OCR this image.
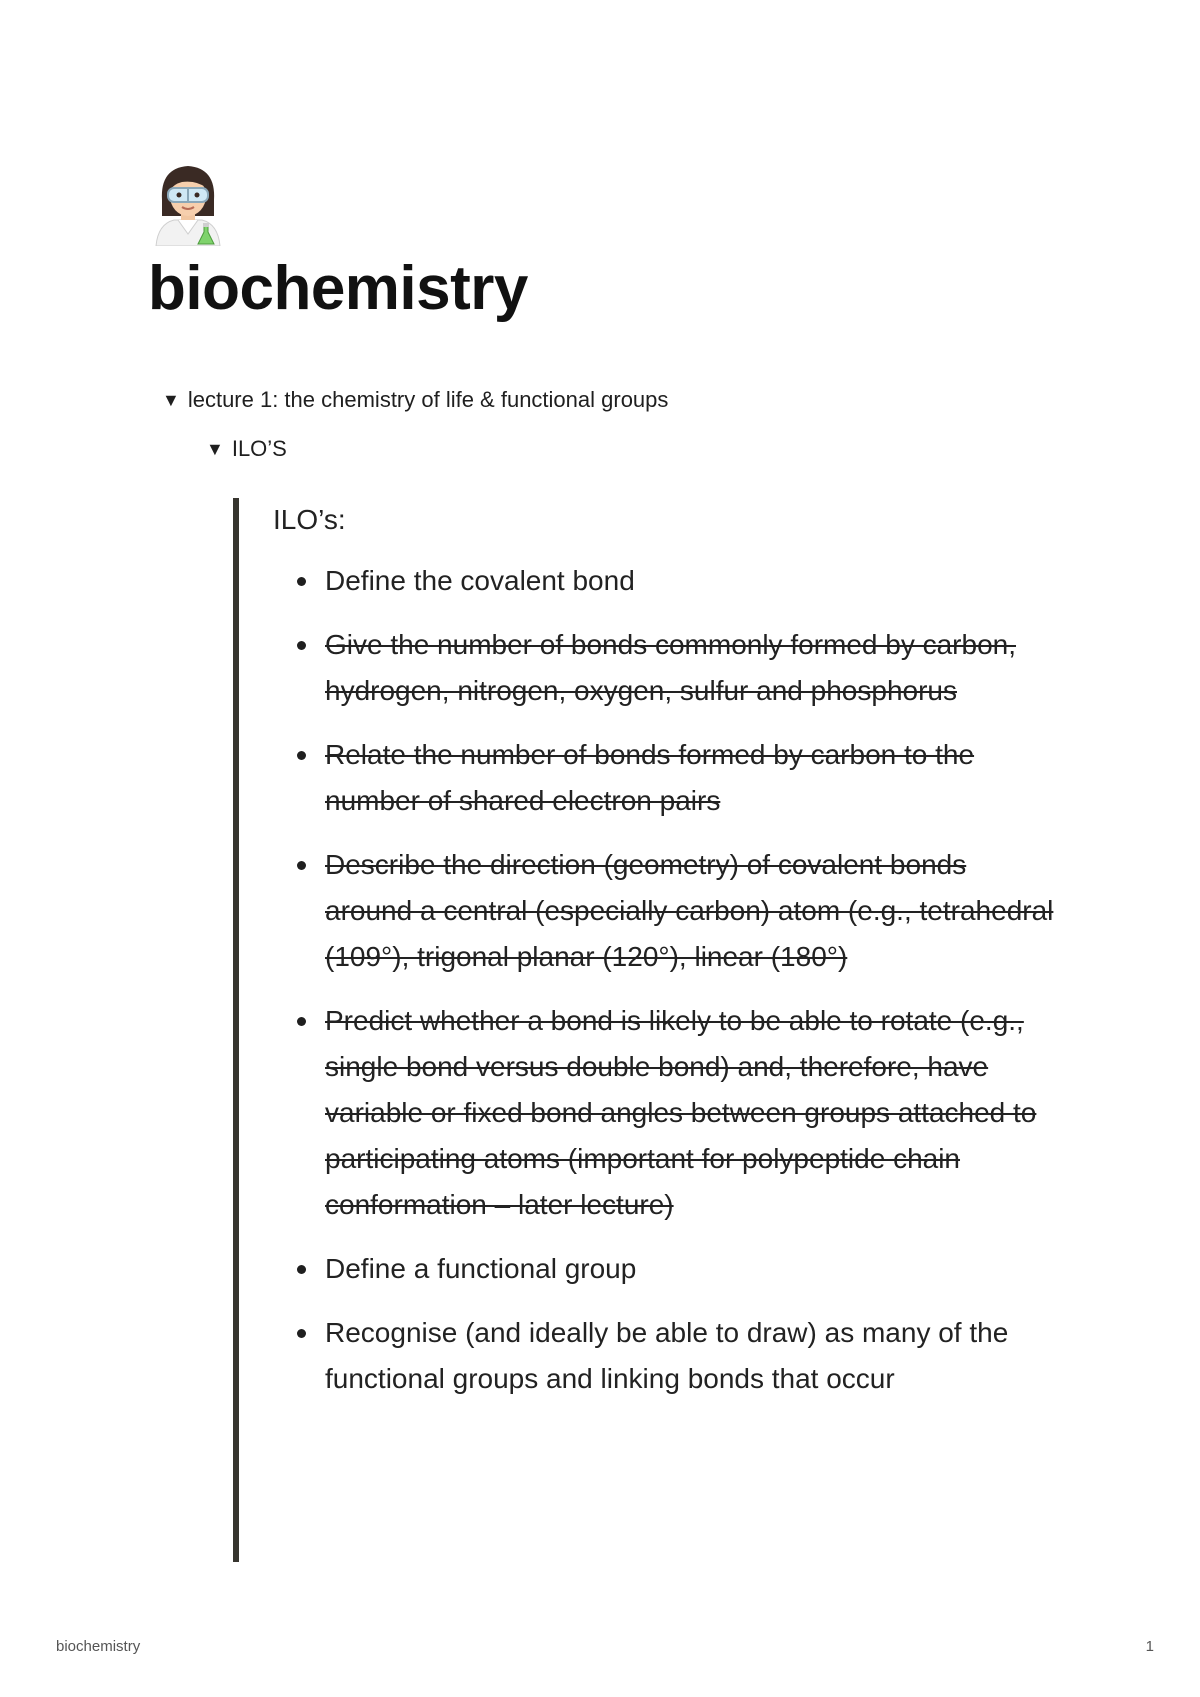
biochemistry
▼ lecture 1: the chemistry of life & functional groups
▼ ILO’S
ILO’s:
Define the covalent bond
Give the number of bonds commonly formed by carbon, hydrogen, nitrogen, oxygen, sulfur and phosphorus
Relate the number of bonds formed by carbon to the number of shared electron pairs
Describe the direction (geometry) of covalent bonds around a central (especially carbon) atom (e.g., tetrahedral (109°), trigonal planar (120°), linear (180°)
Predict whether a bond is likely to be able to rotate (e.g., single bond versus double bond) and, therefore, have variable or fixed bond angles between groups attached to participating atoms (important for polypeptide chain conformation – later lecture)
Define a functional group
Recognise (and ideally be able to draw) as many of the functional groups and linking bonds that occur
biochemistry	1
